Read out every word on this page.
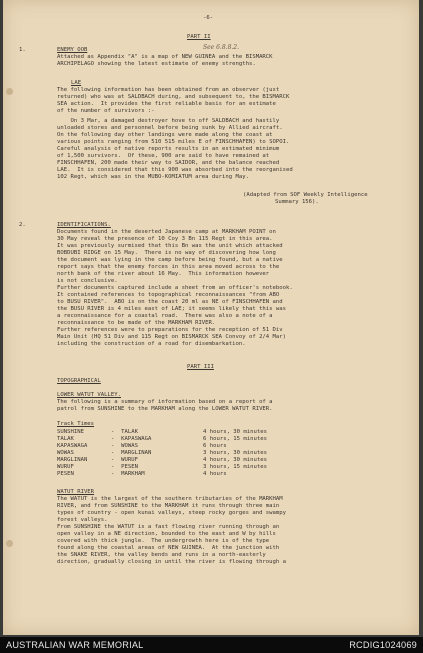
-6-
PART II
See 6.8.8.2.
1.	ENEMY OOB
Attached as Appendix "A" is a map of NEW GUINEA and the BISMARCK
ARCHIPELAGO showing the latest estimate of enemy strengths.
LAE
The following information has been obtained from an observer (just
returned) who was at SALDBACH during, and subsequent to, the BISMARCK
SEA action.  It provides the first reliable basis for an estimate
of the number of survivors :-
On 3 Mar, a damaged destroyer hove to off SALDBACH and hastily
unloaded stores and personnel before being sunk by Allied aircraft.
On the following day other landings were made along the coast at
various points ranging from 510 515 miles E of FINSCHHAFEN) to SOPOI.
Careful analysis of native reports results in an estimated minimum
of 1,500 survivors.  Of these, 900 are said to have remained at
FINSCHHAFEN, 200 made their way to SAIDOR, and the balance reached
LAE.  It is considered that this 900 was absorbed into the reorganised
102 Regt, which was in the MUBO-KOMIATUM area during May.
(Adapted from SOF Weekly Intelligence
Summary 156).
2.	IDENTIFICATIONS.
Documents found in the deserted Japanese camp at MARKHAM POINT on
30 May reveal the presence of 10 Coy 3 Bn 115 Regt in this area.
It was previously surmised that this Bn was the unit which attacked
BOBDUBI RIDGE on 15 May.  There is no way of discovering how long
the document was lying in the camp before being found, but a native
report says that the enemy forces in this area moved across to the
north bank of the river about 16 May.  This information however
is not conclusive.
Further documents captured include a sheet from an officer's notebook.
It contained references to topographical reconnaissances "from ABO
to BUSU RIVER".  ABO is on the coast 20 ml as NE of FINSCHHAFEN and
the BUSU RIVER is 4 miles east of LAE; it seems likely that this was
a reconnaissance for a coastal road.  There was also a note of a
reconnaissance to be made of the MARKHAM RIVER.
Further references were to preparations for the reception of 51 Div
Main Unit (HQ 51 Div and 115 Regt on BISMARCK SEA Convoy of 2/4 Mar)
including the construction of a road for disembarkation.
PART III
TOPOGRAPHICAL
LOWER WATUT VALLEY.
The following is a summary of information based on a report of a
patrol from SUNSHINE to the MARKHAM along the LOWER WATUT RIVER.
Track Times
SUNSHINE	-  TALAK	4 hours, 30 minutes
TALAK	-  KAPASWAGA	6 hours, 15 minutes
KAPASWAGA	-  WOWAS	6 hours
WOWAS	-  MARGLINAN	3 hours, 30 minutes
MARGLINAN	-  WURUF	4 hours, 30 minutes
WURUF	-  PESEN	3 hours, 15 minutes
PESEN	-  MARKHAM	4 hours
WATUT RIVER
The WATUT is the largest of the southern tributaries of the MARKHAM
RIVER, and from SUNSHINE to the MARKHAM it runs through three main
types of country - open kunai valleys, steep rocky gorges and swampy
forest valleys.
From SUNSHINE the WATUT is a fast flowing river running through an
open valley in a NE direction, bounded to the east and W by hills
covered with thick jungle.  The undergrowth here is of the type
found along the coastal areas of NEW GUINEA.  At the junction with
the SNAKE RIVER, the valley bends and runs in a north-easterly
direction, gradually closing in until the river is flowing through a
AUSTRALIAN WAR MEMORIAL	RCDIG1024069
